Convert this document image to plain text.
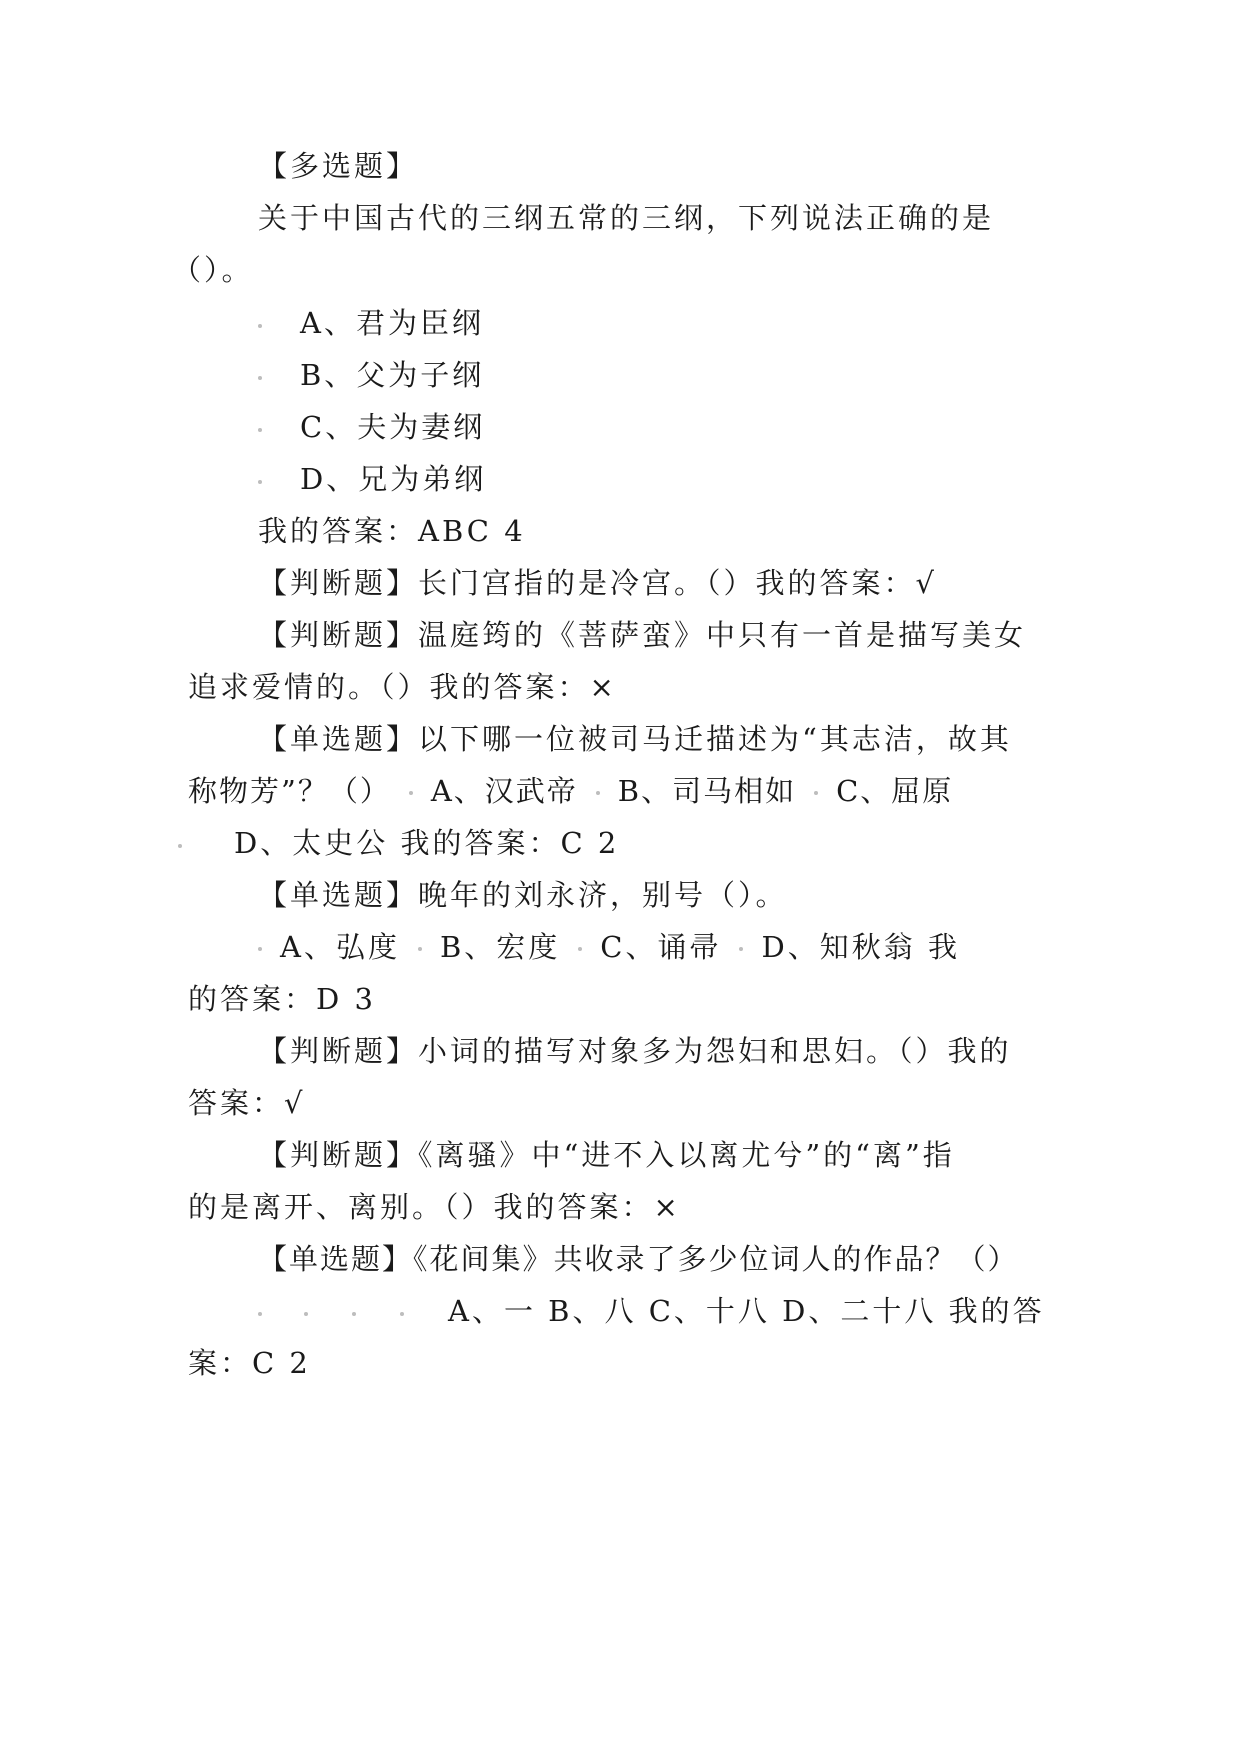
【多选题】
关于中国古代的三纲五常的三纲，下列说法正确的是
（）。
A、君为臣纲
B、父为子纲
C、夫为妻纲
D、兄为弟纲
我的答案：ABC 4
【判断题】长门宫指的是冷宫。（）我的答案：√
【判断题】温庭筠的《菩萨蛮》中只有一首是描写美女
追求爱情的。（）我的答案：×
【单选题】以下哪一位被司马迁描述为“其志洁，故其
称物芳”？（） A、汉武帝 B、司马相如 C、屈原
D、太史公 我的答案：C 2
【单选题】晚年的刘永济，别号（）。
A、弘度 B、宏度 C、诵帚 D、知秋翁 我
的答案：D 3
【判断题】小词的描写对象多为怨妇和思妇。（）我的
答案：√
【判断题】《离骚》中“进不入以离尤兮”的“离”指
的是离开、离别。（）我的答案：×
【单选题】《花间集》共收录了多少位词人的作品？（）
A、一 B、八 C、十八 D、二十八 我的答
案：C 2
